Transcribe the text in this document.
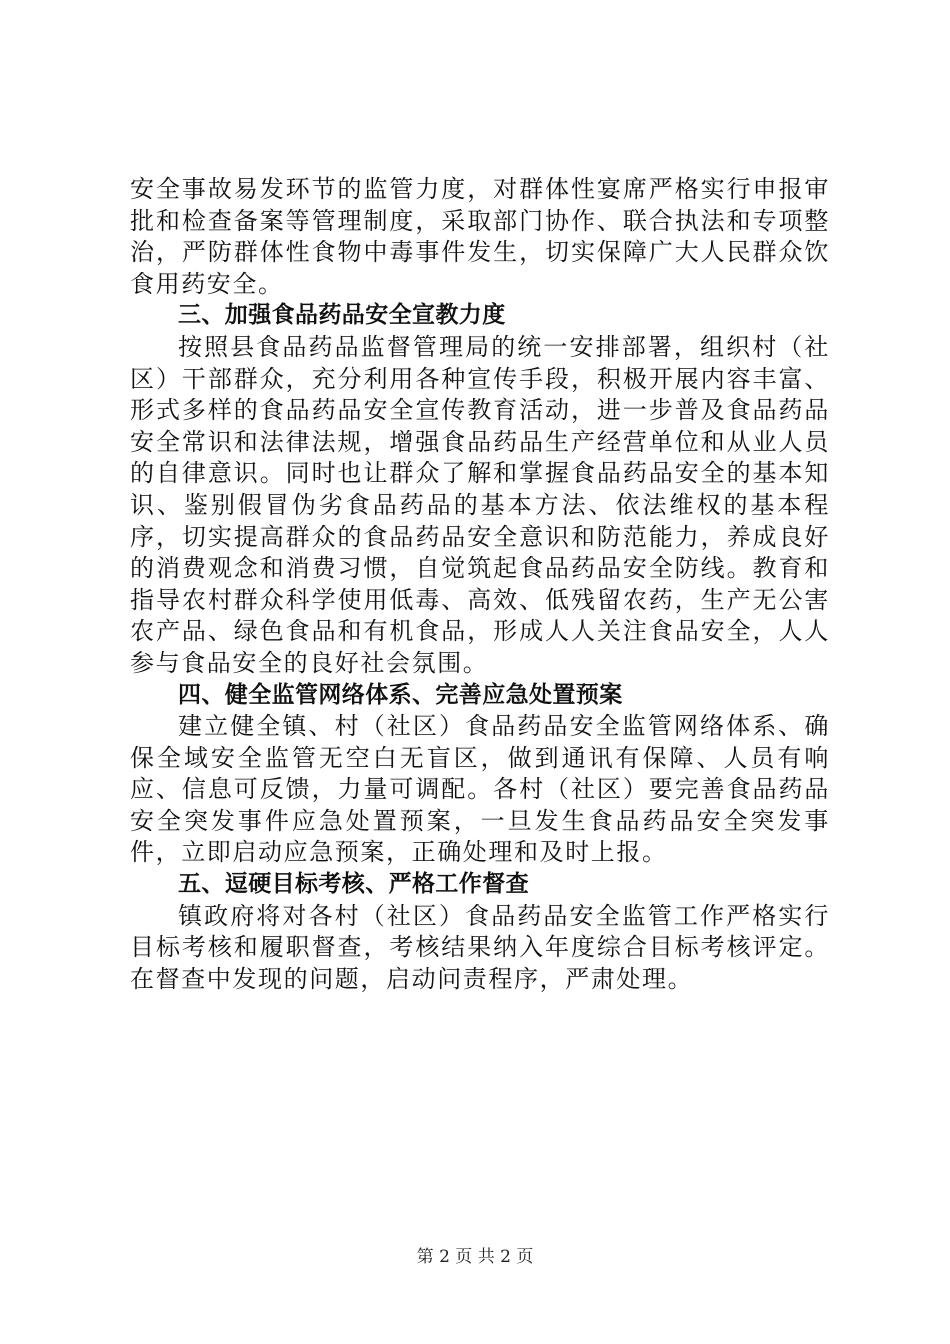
安全事故易发环节的监管力度，对群体性宴席严格实行申报审批和检查备案等管理制度，采取部门协作、联合执法和专项整治，严防群体性食物中毒事件发生，切实保障广大人民群众饮食用药安全。

三、加强食品药品安全宣教力度

按照县食品药品监督管理局的统一安排部署，组织村（社区）干部群众，充分利用各种宣传手段，积极开展内容丰富、形式多样的食品药品安全宣传教育活动，进一步普及食品药品安全常识和法律法规，增强食品药品生产经营单位和从业人员的自律意识。同时也让群众了解和掌握食品药品安全的基本知识、鉴别假冒伪劣食品药品的基本方法、依法维权的基本程序，切实提高群众的食品药品安全意识和防范能力，养成良好的消费观念和消费习惯，自觉筑起食品药品安全防线。教育和指导农村群众科学使用低毒、高效、低残留农药，生产无公害农产品、绿色食品和有机食品，形成人人关注食品安全，人人参与食品安全的良好社会氛围。

四、健全监管网络体系、完善应急处置预案

建立健全镇、村（社区）食品药品安全监管网络体系、确保全域安全监管无空白无盲区，做到通讯有保障、人员有响应、信息可反馈，力量可调配。各村（社区）要完善食品药品安全突发事件应急处置预案，一旦发生食品药品安全突发事件，立即启动应急预案，正确处理和及时上报。

五、逗硬目标考核、严格工作督查

镇政府将对各村（社区）食品药品安全监管工作严格实行目标考核和履职督查，考核结果纳入年度综合目标考核评定。在督查中发现的问题，启动问责程序，严肃处理。

第 2 页 共 2 页
